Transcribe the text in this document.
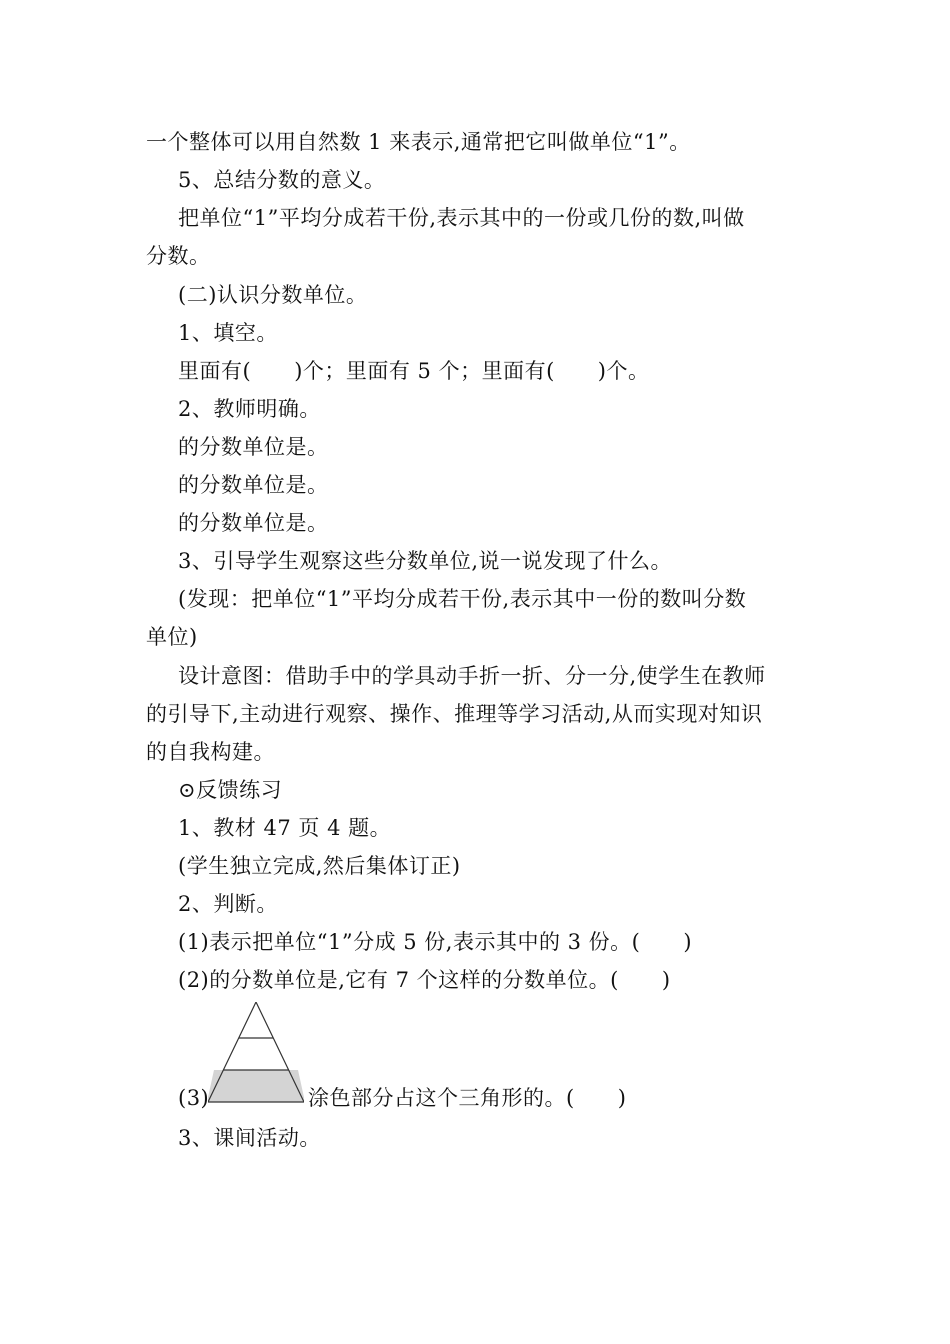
一个整体可以用自然数 1 来表示,通常把它叫做单位“1”。
5、总结分数的意义。
把单位“1”平均分成若干份,表示其中的一份或几份的数,叫做
分数。
(二)认识分数单位。
1、填空。
里面有(　　)个；里面有 5 个；里面有(　　)个。
2、教师明确。
的分数单位是。
的分数单位是。
的分数单位是。
3、引导学生观察这些分数单位,说一说发现了什么。
(发现：把单位“1”平均分成若干份,表示其中一份的数叫分数
单位)
设计意图：借助手中的学具动手折一折、分一分,使学生在教师
的引导下,主动进行观察、操作、推理等学习活动,从而实现对知识
的自我构建。
⊙反馈练习
1、教材 47 页 4 题。
(学生独立完成,然后集体订正)
2、判断。
(1)表示把单位“1”分成 5 份,表示其中的 3 份。(　　)
(2)的分数单位是,它有 7 个这样的分数单位。(　　)
(3)	涂色部分占这个三角形的。(　　)
3、课间活动。
